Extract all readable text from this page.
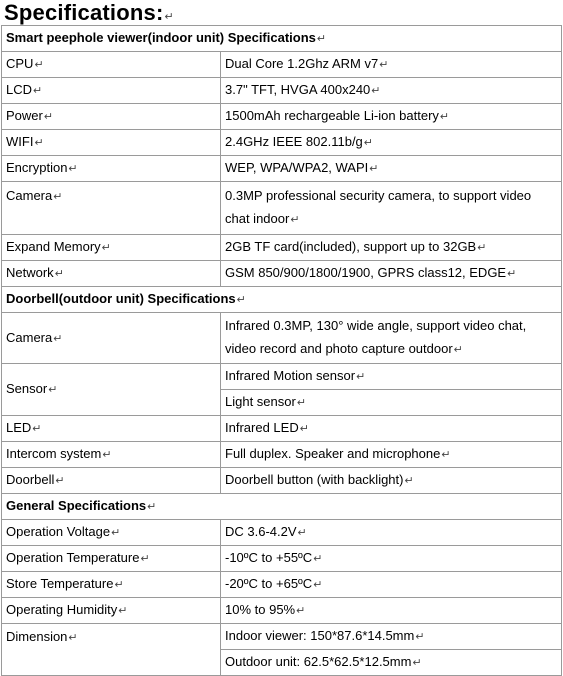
Specifications:↵
Smart peephole viewer(indoor unit) Specifications↵	
CPU↵	Dual Core 1.2Ghz ARM v7↵
LCD↵	3.7" TFT, HVGA 400x240↵
Power↵	1500mAh rechargeable Li-ion battery↵
WIFI↵	2.4GHz IEEE 802.11b/g↵
Encryption↵	WEP, WPA/WPA2, WAPI↵
Camera↵	0.3MP professional security camera, to support video chat indoor↵
Expand Memory↵	2GB TF card(included), support up to 32GB↵
Network↵	GSM 850/900/1800/1900, GPRS class12, EDGE↵
Doorbell(outdoor unit) Specifications↵	
Camera↵	Infrared 0.3MP, 130° wide angle, support video chat, video record and photo capture outdoor↵
Sensor↵	Infrared Motion sensor↵
	Light sensor↵
LED↵	Infrared LED↵
Intercom system↵	Full duplex. Speaker and microphone↵
Doorbell↵	Doorbell button (with backlight)↵
General Specifications↵	
Operation Voltage↵	DC 3.6-4.2V↵
Operation Temperature↵	-10ºC to +55ºC↵
Store Temperature↵	-20ºC to +65ºC↵
Operating Humidity↵	10% to 95%↵
Dimension↵	Indoor viewer: 150*87.6*14.5mm↵
	Outdoor unit: 62.5*62.5*12.5mm↵
